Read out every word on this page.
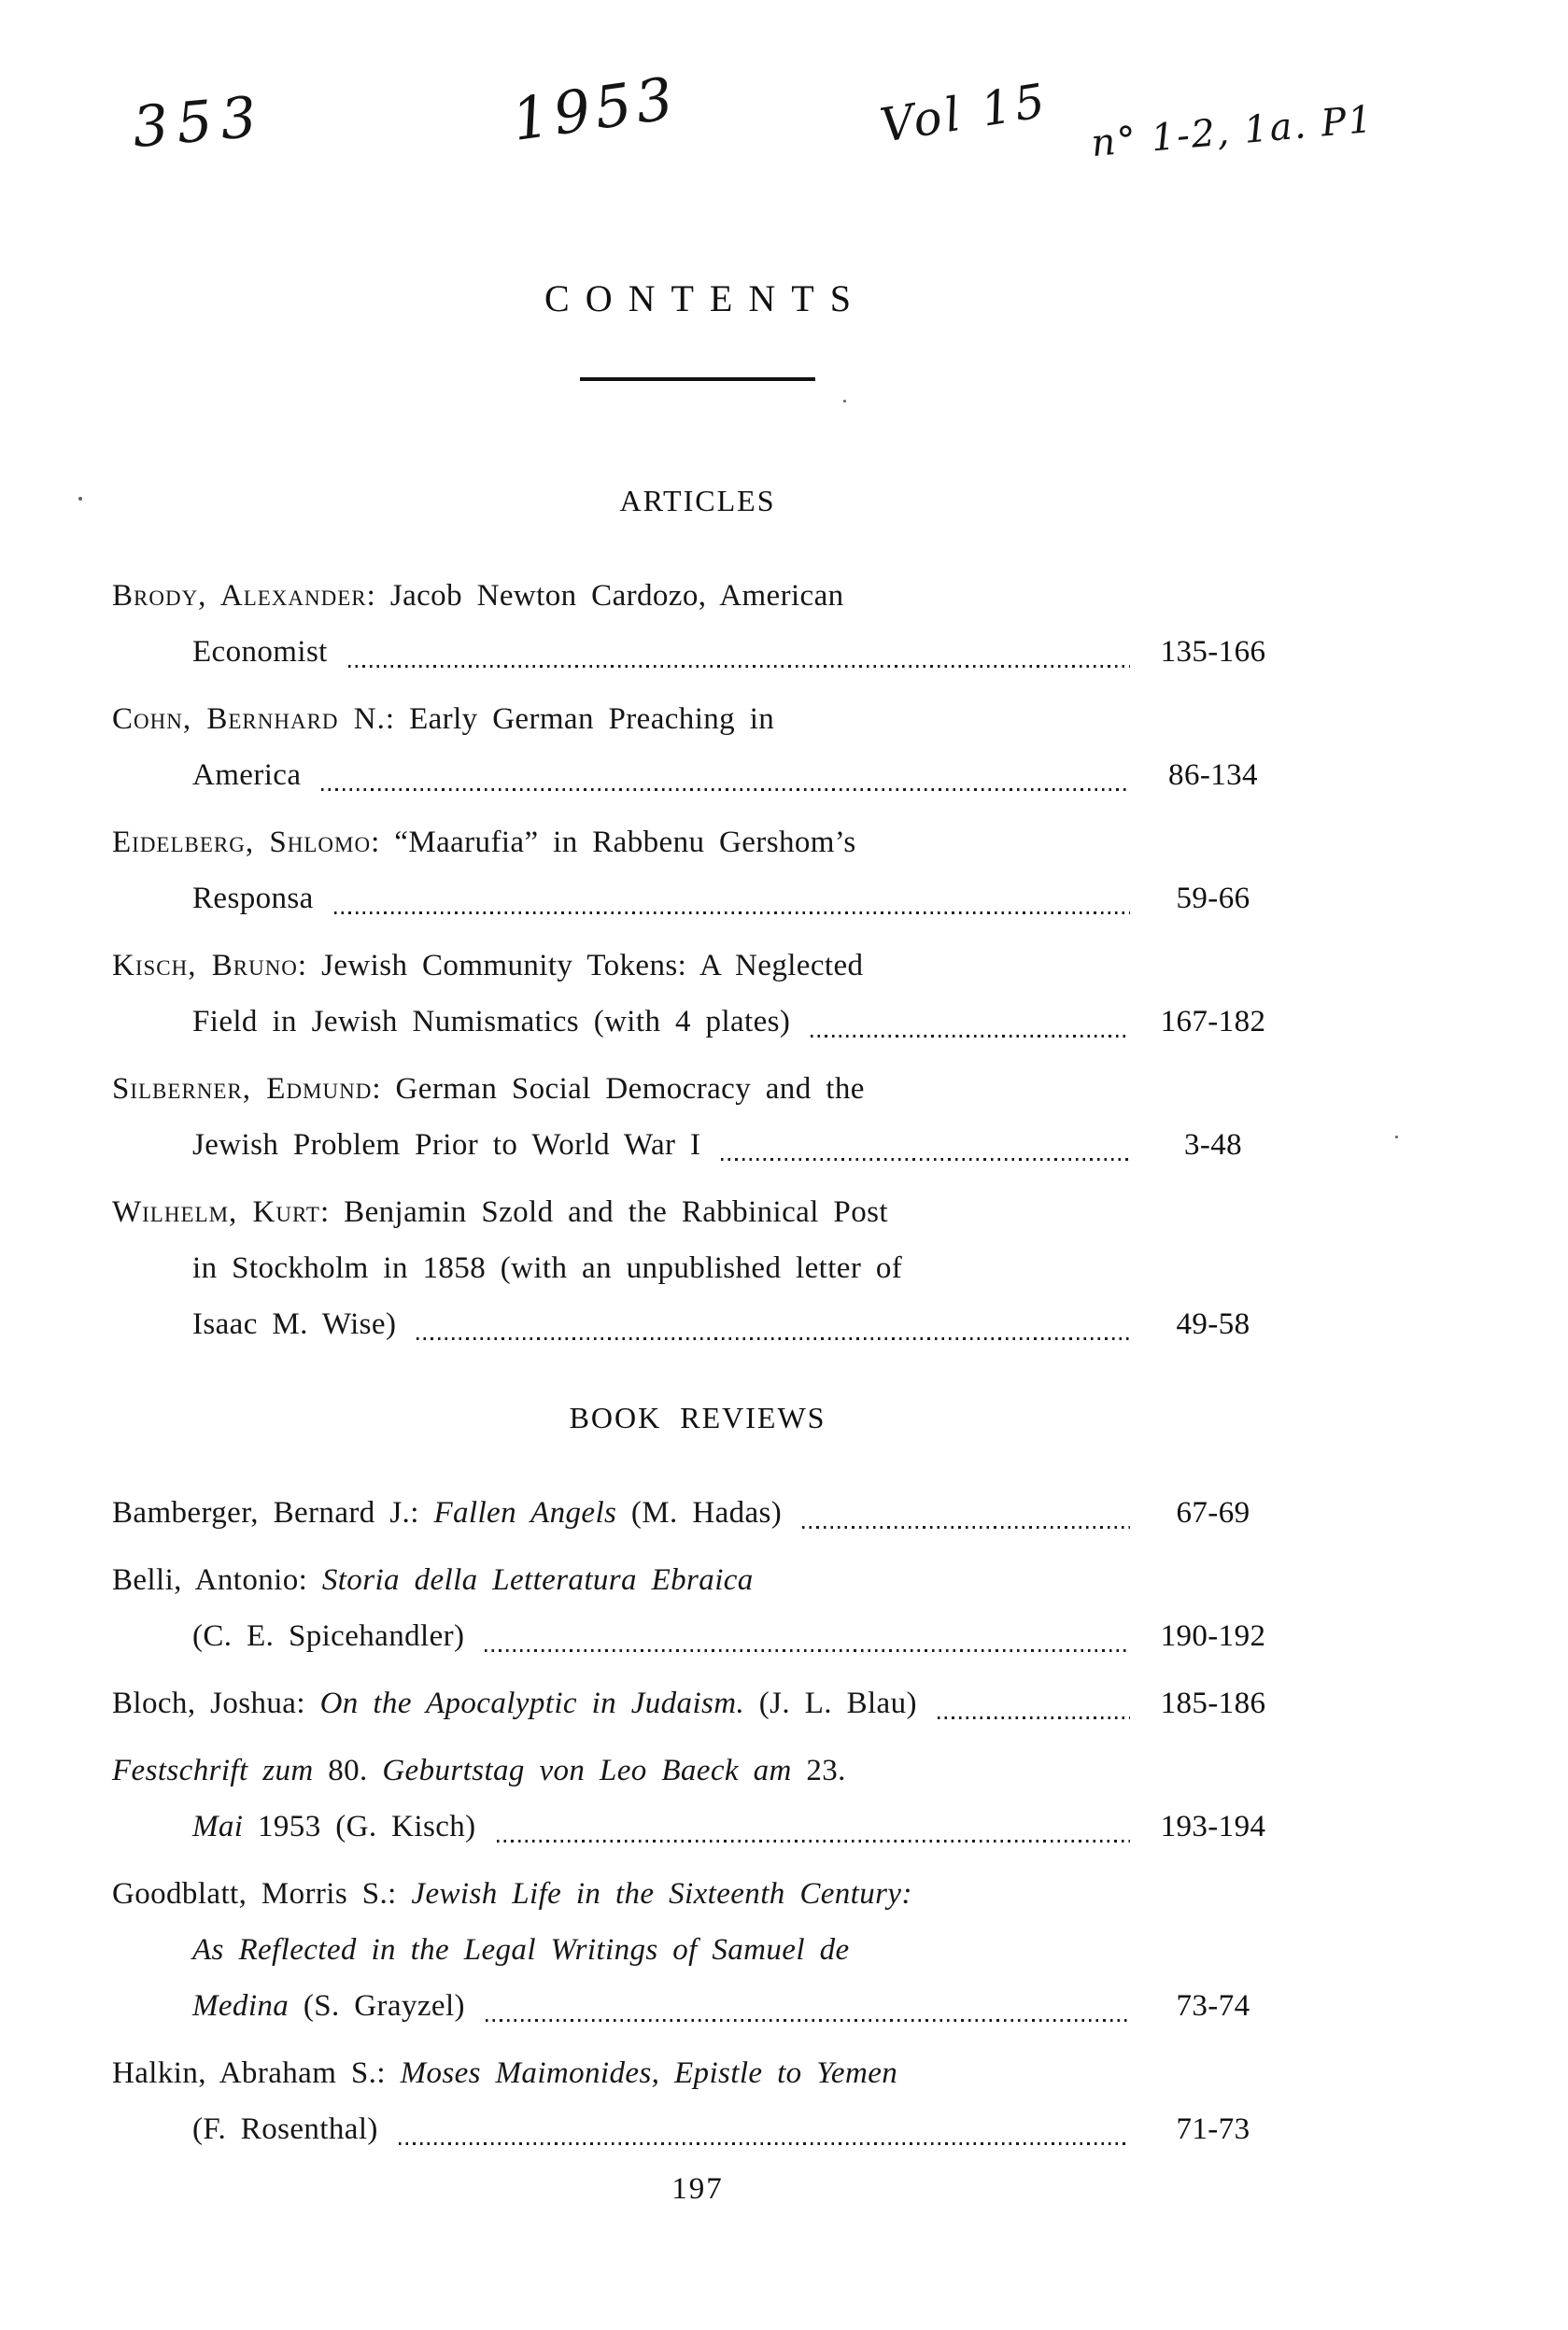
353	1953	Vol 15 n° 1-2, 1a. P1
CONTENTS
ARTICLES
Brody, Alexander: Jacob Newton Cardozo, American
Economist	135-166
Cohn, Bernhard N.: Early German Preaching in
America	86-134
Eidelberg, Shlomo: “Maarufia” in Rabbenu Gershom’s
Responsa	59-66
Kisch, Bruno: Jewish Community Tokens: A Neglected
Field in Jewish Numismatics (with 4 plates)	167-182
Silberner, Edmund: German Social Democracy and the
Jewish Problem Prior to World War I	3-48
Wilhelm, Kurt: Benjamin Szold and the Rabbinical Post
in Stockholm in 1858 (with an unpublished letter of
Isaac M. Wise)	49-58
BOOK REVIEWS
Bamberger, Bernard J.: Fallen Angels (M. Hadas)	67-69
Belli, Antonio: Storia della Letteratura Ebraica
(C. E. Spicehandler)	190-192
Bloch, Joshua: On the Apocalyptic in Judaism. (J. L. Blau)	185-186
Festschrift zum 80. Geburtstag von Leo Baeck am 23.
Mai 1953 (G. Kisch)	193-194
Goodblatt, Morris S.: Jewish Life in the Sixteenth Century:
As Reflected in the Legal Writings of Samuel de
Medina (S. Grayzel)	73-74
Halkin, Abraham S.: Moses Maimonides, Epistle to Yemen
(F. Rosenthal)	71-73
197
